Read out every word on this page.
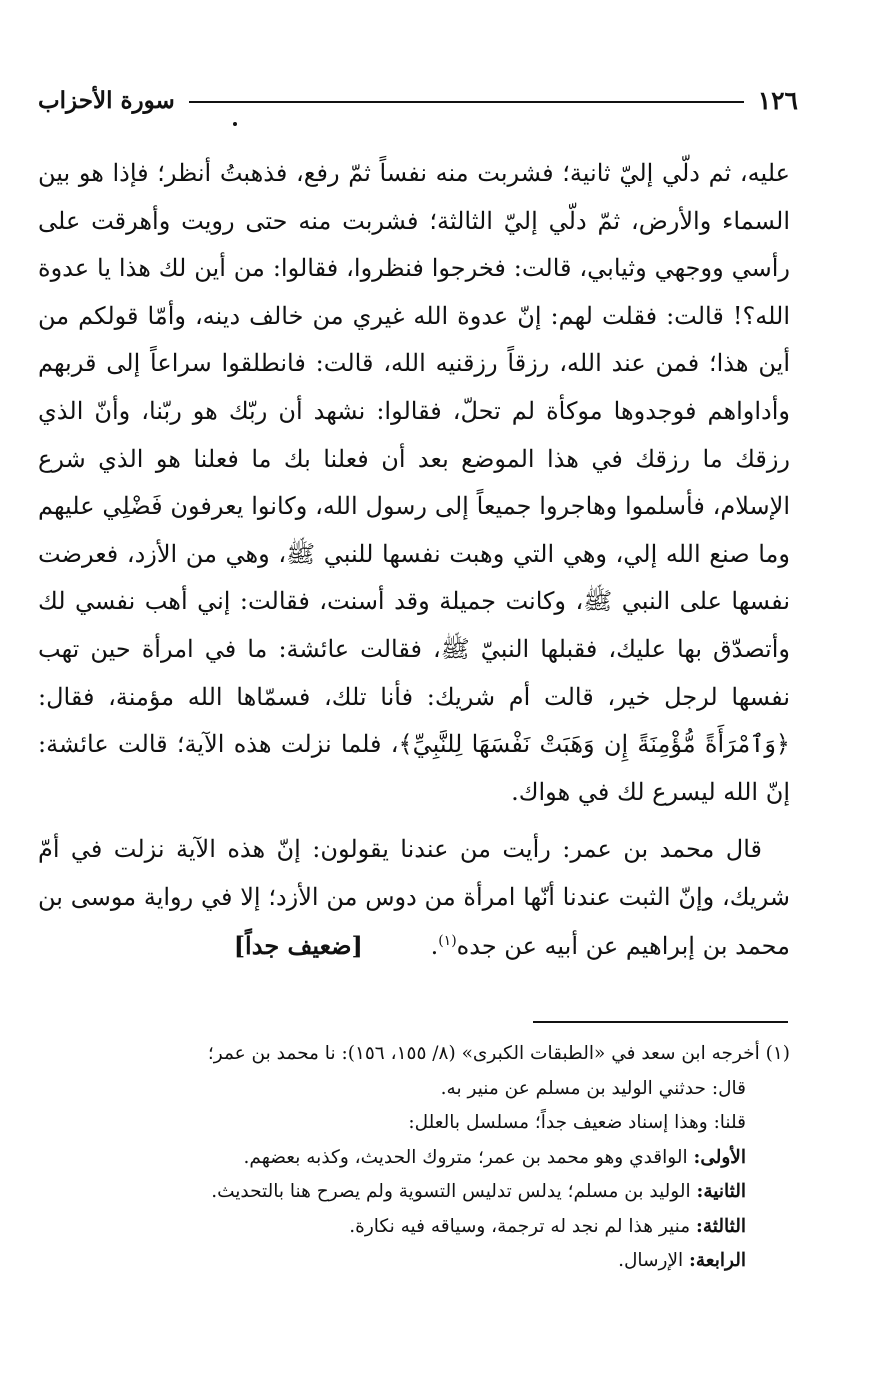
١٢٦
سورة الأحزاب

عليه، ثم دلّي إليّ ثانية؛ فشربت منه نفساً ثمّ رفع، فذهبتُ أنظر؛ فإذا هو بين السماء والأرض، ثمّ دلّي إليّ الثالثة؛ فشربت منه حتى رويت وأهرقت على رأسي ووجهي وثيابي، قالت: فخرجوا فنظروا، فقالوا: من أين لك هذا يا عدوة الله؟! قالت: فقلت لهم: إنّ عدوة الله غيري من خالف دينه، وأمّا قولكم من أين هذا؛ فمن عند الله، رزقاً رزقنيه الله، قالت: فانطلقوا سراعاً إلى قربهم وأداواهم فوجدوها موكأة لم تحلّ، فقالوا: نشهد أن ربّك هو ربّنا، وأنّ الذي رزقك ما رزقك في هذا الموضع بعد أن فعلنا بك ما فعلنا هو الذي شرع الإسلام، فأسلموا وهاجروا جميعاً إلى رسول الله، وكانوا يعرفون فَضْلِي عليهم وما صنع الله إلي، وهي التي وهبت نفسها للنبي ﷺ، وهي من الأزد، فعرضت نفسها على النبي ﷺ، وكانت جميلة وقد أسنت، فقالت: إني أهب نفسي لك وأتصدّق بها عليك، فقبلها النبيّ ﷺ، فقالت عائشة: ما في امرأة حين تهب نفسها لرجل خير، قالت أم شريك: فأنا تلك، فسمّاها الله مؤمنة، فقال: ﴿وَٱمْرَأَةً مُّؤْمِنَةً إِن وَهَبَتْ نَفْسَهَا لِلنَّبِيِّ﴾، فلما نزلت هذه الآية؛ قالت عائشة: إنّ الله ليسرع لك في هواك.

قال محمد بن عمر: رأيت من عندنا يقولون: إنّ هذه الآية نزلت في أمّ شريك، وإنّ الثبت عندنا أنّها امرأة من دوس من الأزد؛ إلا في رواية موسى بن محمد بن إبراهيم عن أبيه عن جده$^{(١)}$. [ضعيف جداً]

(١) أخرجه ابن سعد في «الطبقات الكبرى» (٨/ ١٥٥، ١٥٦): نا محمد بن عمر؛
قال: حدثني الوليد بن مسلم عن منير به.
قلنا: وهذا إسناد ضعيف جداً؛ مسلسل بالعلل:
الأولى: الواقدي وهو محمد بن عمر؛ متروك الحديث، وكذبه بعضهم.
الثانية: الوليد بن مسلم؛ يدلس تدليس التسوية ولم يصرح هنا بالتحديث.
الثالثة: منير هذا لم نجد له ترجمة، وسياقه فيه نكارة.
الرابعة: الإرسال.
